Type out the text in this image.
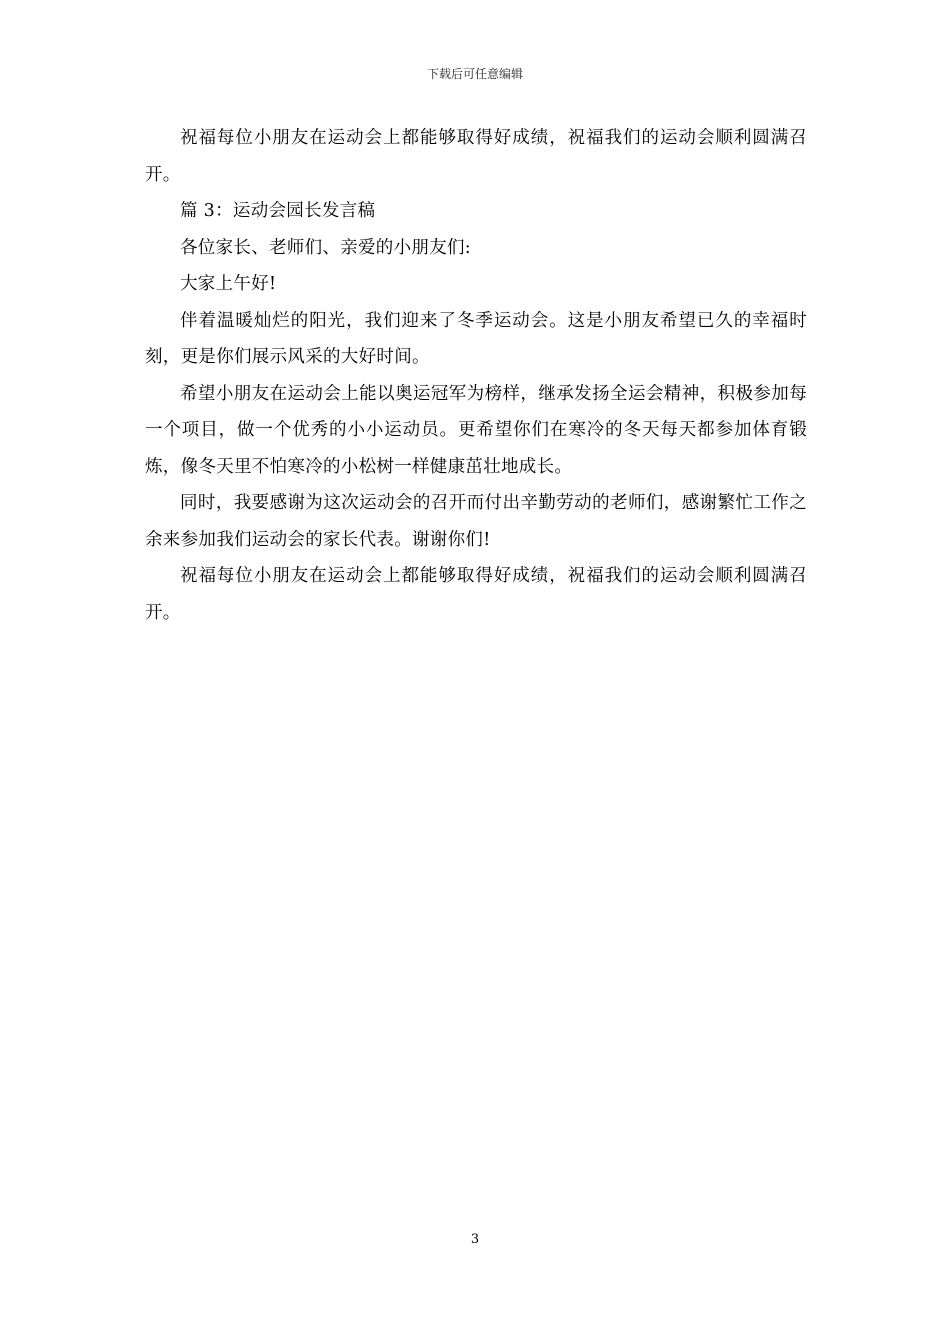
下载后可任意编辑

祝福每位小朋友在运动会上都能够取得好成绩，祝福我们的运动会顺利圆满召开。

篇 3：运动会园长发言稿

各位家长、老师们、亲爱的小朋友们:

大家上午好!

伴着温暖灿烂的阳光，我们迎来了冬季运动会。这是小朋友希望已久的幸福时刻，更是你们展示风采的大好时间。

希望小朋友在运动会上能以奥运冠军为榜样，继承发扬全运会精神，积极参加每一个项目，做一个优秀的小小运动员。更希望你们在寒冷的冬天每天都参加体育锻炼，像冬天里不怕寒冷的小松树一样健康茁壮地成长。

同时，我要感谢为这次运动会的召开而付出辛勤劳动的老师们，感谢繁忙工作之余来参加我们运动会的家长代表。谢谢你们!

祝福每位小朋友在运动会上都能够取得好成绩，祝福我们的运动会顺利圆满召开。

3
